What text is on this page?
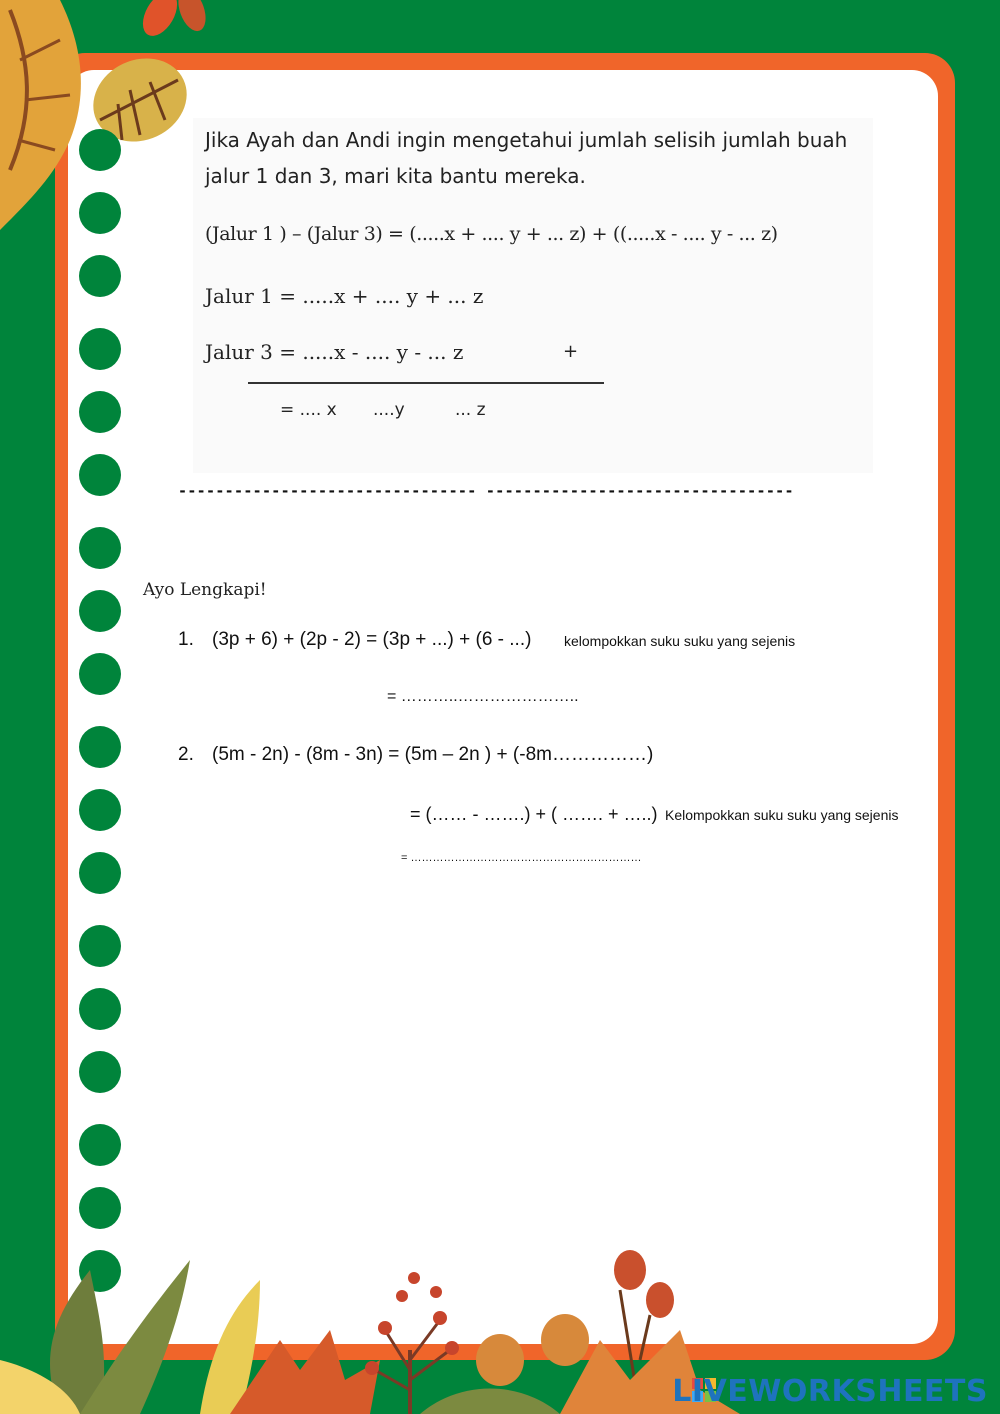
Jika Ayah dan Andi ingin mengetahui jumlah selisih jumlah buah
jalur 1 dan 3, mari kita bantu mereka.
(Jalur 1 ) – (Jalur 3) = (.....x + .... y + ... z) + ((.....x - .... y - ... z)
Jalur 1 = .....x + .... y + ... z
Jalur 3 = .....x - .... y - ... z	+
= .... x ....y	... z
-------------------------------- ---------------------------------
Ayo Lengkapi!
1. (3p + 6) + (2p - 2) = (3p + ...) + (6 - ...) kelompokkan suku suku yang sejenis
= ………..…………………..
2. (5m - 2n) - (8m - 3n) = (5m – 2n ) + (-8m……………)
= (…… - …….) + ( ……. + …..) Kelompokkan suku suku yang sejenis
= ………………………………………………………
LIVEWORKSHEETS
